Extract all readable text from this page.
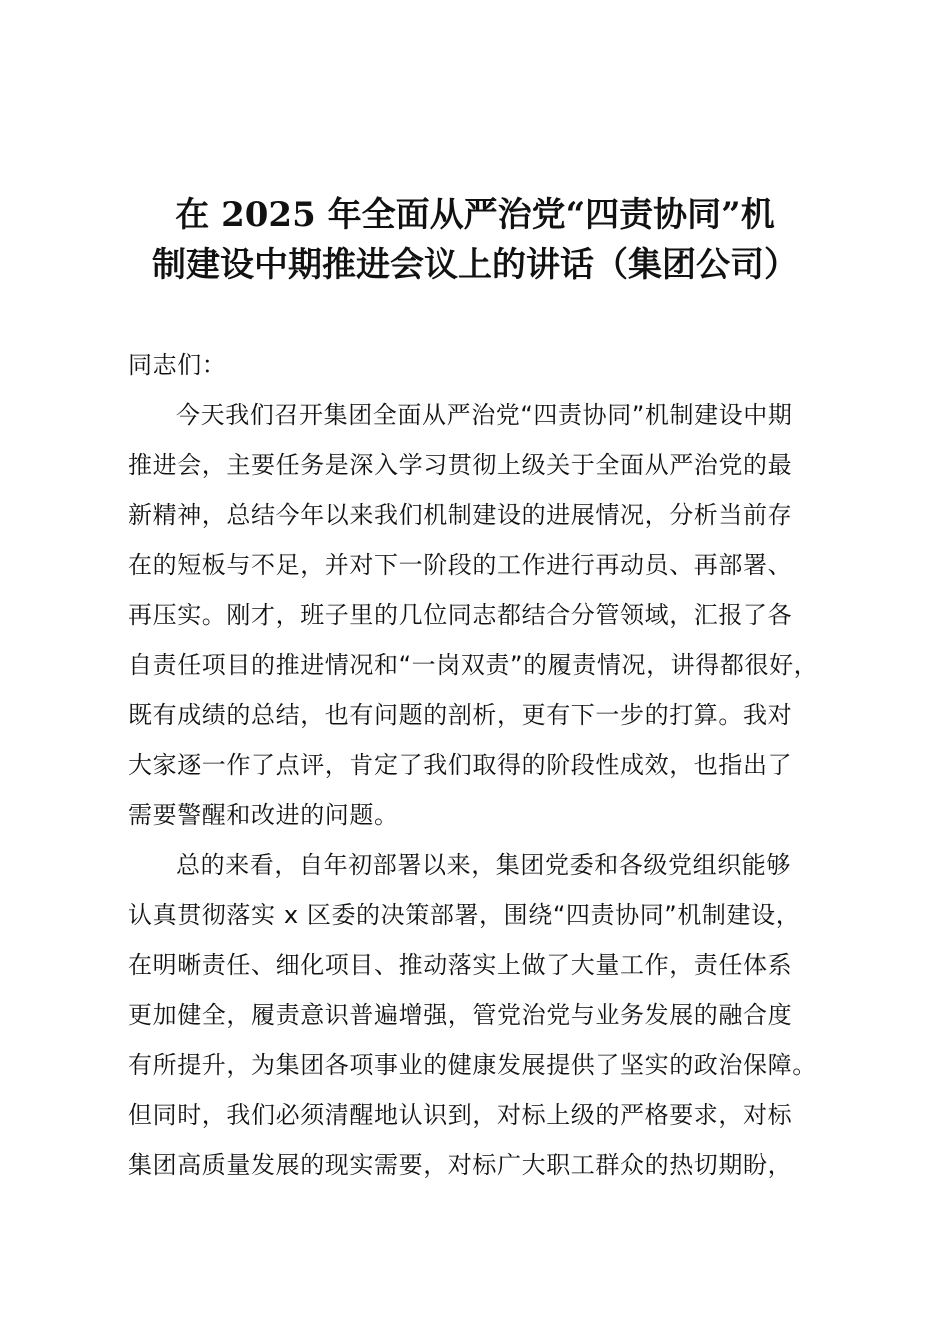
在 2025 年全面从严治党“四责协同”机
制建设中期推进会议上的讲话（集团公司）
同志们：
今天我们召开集团全面从严治党“四责协同”机制建设中期
推进会，主要任务是深入学习贯彻上级关于全面从严治党的最
新精神，总结今年以来我们机制建设的进展情况，分析当前存
在的短板与不足，并对下一阶段的工作进行再动员、再部署、
再压实。刚才，班子里的几位同志都结合分管领域，汇报了各
自责任项目的推进情况和“一岗双责”的履责情况，讲得都很好，
既有成绩的总结，也有问题的剖析，更有下一步的打算。我对
大家逐一作了点评，肯定了我们取得的阶段性成效，也指出了
需要警醒和改进的问题。
总的来看，自年初部署以来，集团党委和各级党组织能够
认真贯彻落实 x 区委的决策部署，围绕“四责协同”机制建设，
在明晰责任、细化项目、推动落实上做了大量工作，责任体系
更加健全，履责意识普遍增强，管党治党与业务发展的融合度
有所提升，为集团各项事业的健康发展提供了坚实的政治保障。
但同时，我们必须清醒地认识到，对标上级的严格要求，对标
集团高质量发展的现实需要，对标广大职工群众的热切期盼，
